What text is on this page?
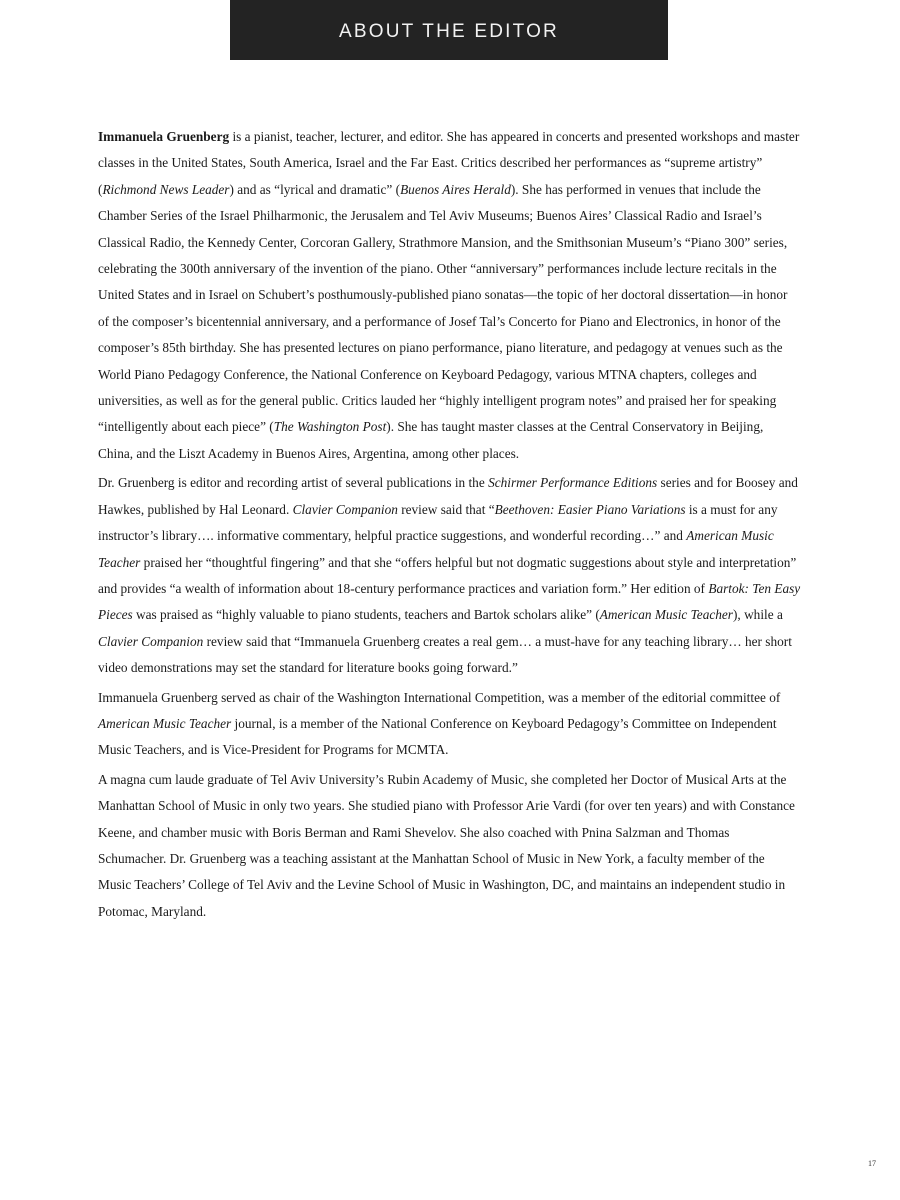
ABOUT THE EDITOR

Immanuela Gruenberg is a pianist, teacher, lecturer, and editor. She has appeared in concerts and presented workshops and master classes in the United States, South America, Israel and the Far East. Critics described her performances as “supreme artistry” (Richmond News Leader) and as “lyrical and dramatic” (Buenos Aires Herald). She has performed in venues that include the Chamber Series of the Israel Philharmonic, the Jerusalem and Tel Aviv Museums; Buenos Aires’ Classical Radio and Israel’s Classical Radio, the Kennedy Center, Corcoran Gallery, Strathmore Mansion, and the Smithsonian Museum’s “Piano 300” series, celebrating the 300th anniversary of the invention of the piano. Other “anniversary” performances include lecture recitals in the United States and in Israel on Schubert’s posthumously-published piano sonatas—the topic of her doctoral dissertation—in honor of the composer’s bicentennial anniversary, and a performance of Josef Tal’s Concerto for Piano and Electronics, in honor of the composer’s 85th birthday. She has presented lectures on piano performance, piano literature, and pedagogy at venues such as the World Piano Pedagogy Conference, the National Conference on Keyboard Pedagogy, various MTNA chapters, colleges and universities, as well as for the general public. Critics lauded her “highly intelligent program notes” and praised her for speaking “intelligently about each piece” (The Washington Post). She has taught master classes at the Central Conservatory in Beijing, China, and the Liszt Academy in Buenos Aires, Argentina, among other places.

Dr. Gruenberg is editor and recording artist of several publications in the Schirmer Performance Editions series and for Boosey and Hawkes, published by Hal Leonard. Clavier Companion review said that “Beethoven: Easier Piano Variations is a must for any instructor’s library…. informative commentary, helpful practice suggestions, and wonderful recording…” and American Music Teacher praised her “thoughtful fingering” and that she “offers helpful but not dogmatic suggestions about style and interpretation” and provides “a wealth of information about 18-century performance practices and variation form.” Her edition of Bartok: Ten Easy Pieces was praised as “highly valuable to piano students, teachers and Bartok scholars alike” (American Music Teacher), while a Clavier Companion review said that “Immanuela Gruenberg creates a real gem… a must-have for any teaching library… her short video demonstrations may set the standard for literature books going forward.”

Immanuela Gruenberg served as chair of the Washington International Competition, was a member of the editorial committee of American Music Teacher journal, is a member of the National Conference on Keyboard Pedagogy’s Committee on Independent Music Teachers, and is Vice-President for Programs for MCMTA.

A magna cum laude graduate of Tel Aviv University’s Rubin Academy of Music, she completed her Doctor of Musical Arts at the Manhattan School of Music in only two years. She studied piano with Professor Arie Vardi (for over ten years) and with Constance Keene, and chamber music with Boris Berman and Rami Shevelov. She also coached with Pnina Salzman and Thomas Schumacher. Dr. Gruenberg was a teaching assistant at the Manhattan School of Music in New York, a faculty member of the Music Teachers’ College of Tel Aviv and the Levine School of Music in Washington, DC, and maintains an independent studio in Potomac, Maryland.

17
